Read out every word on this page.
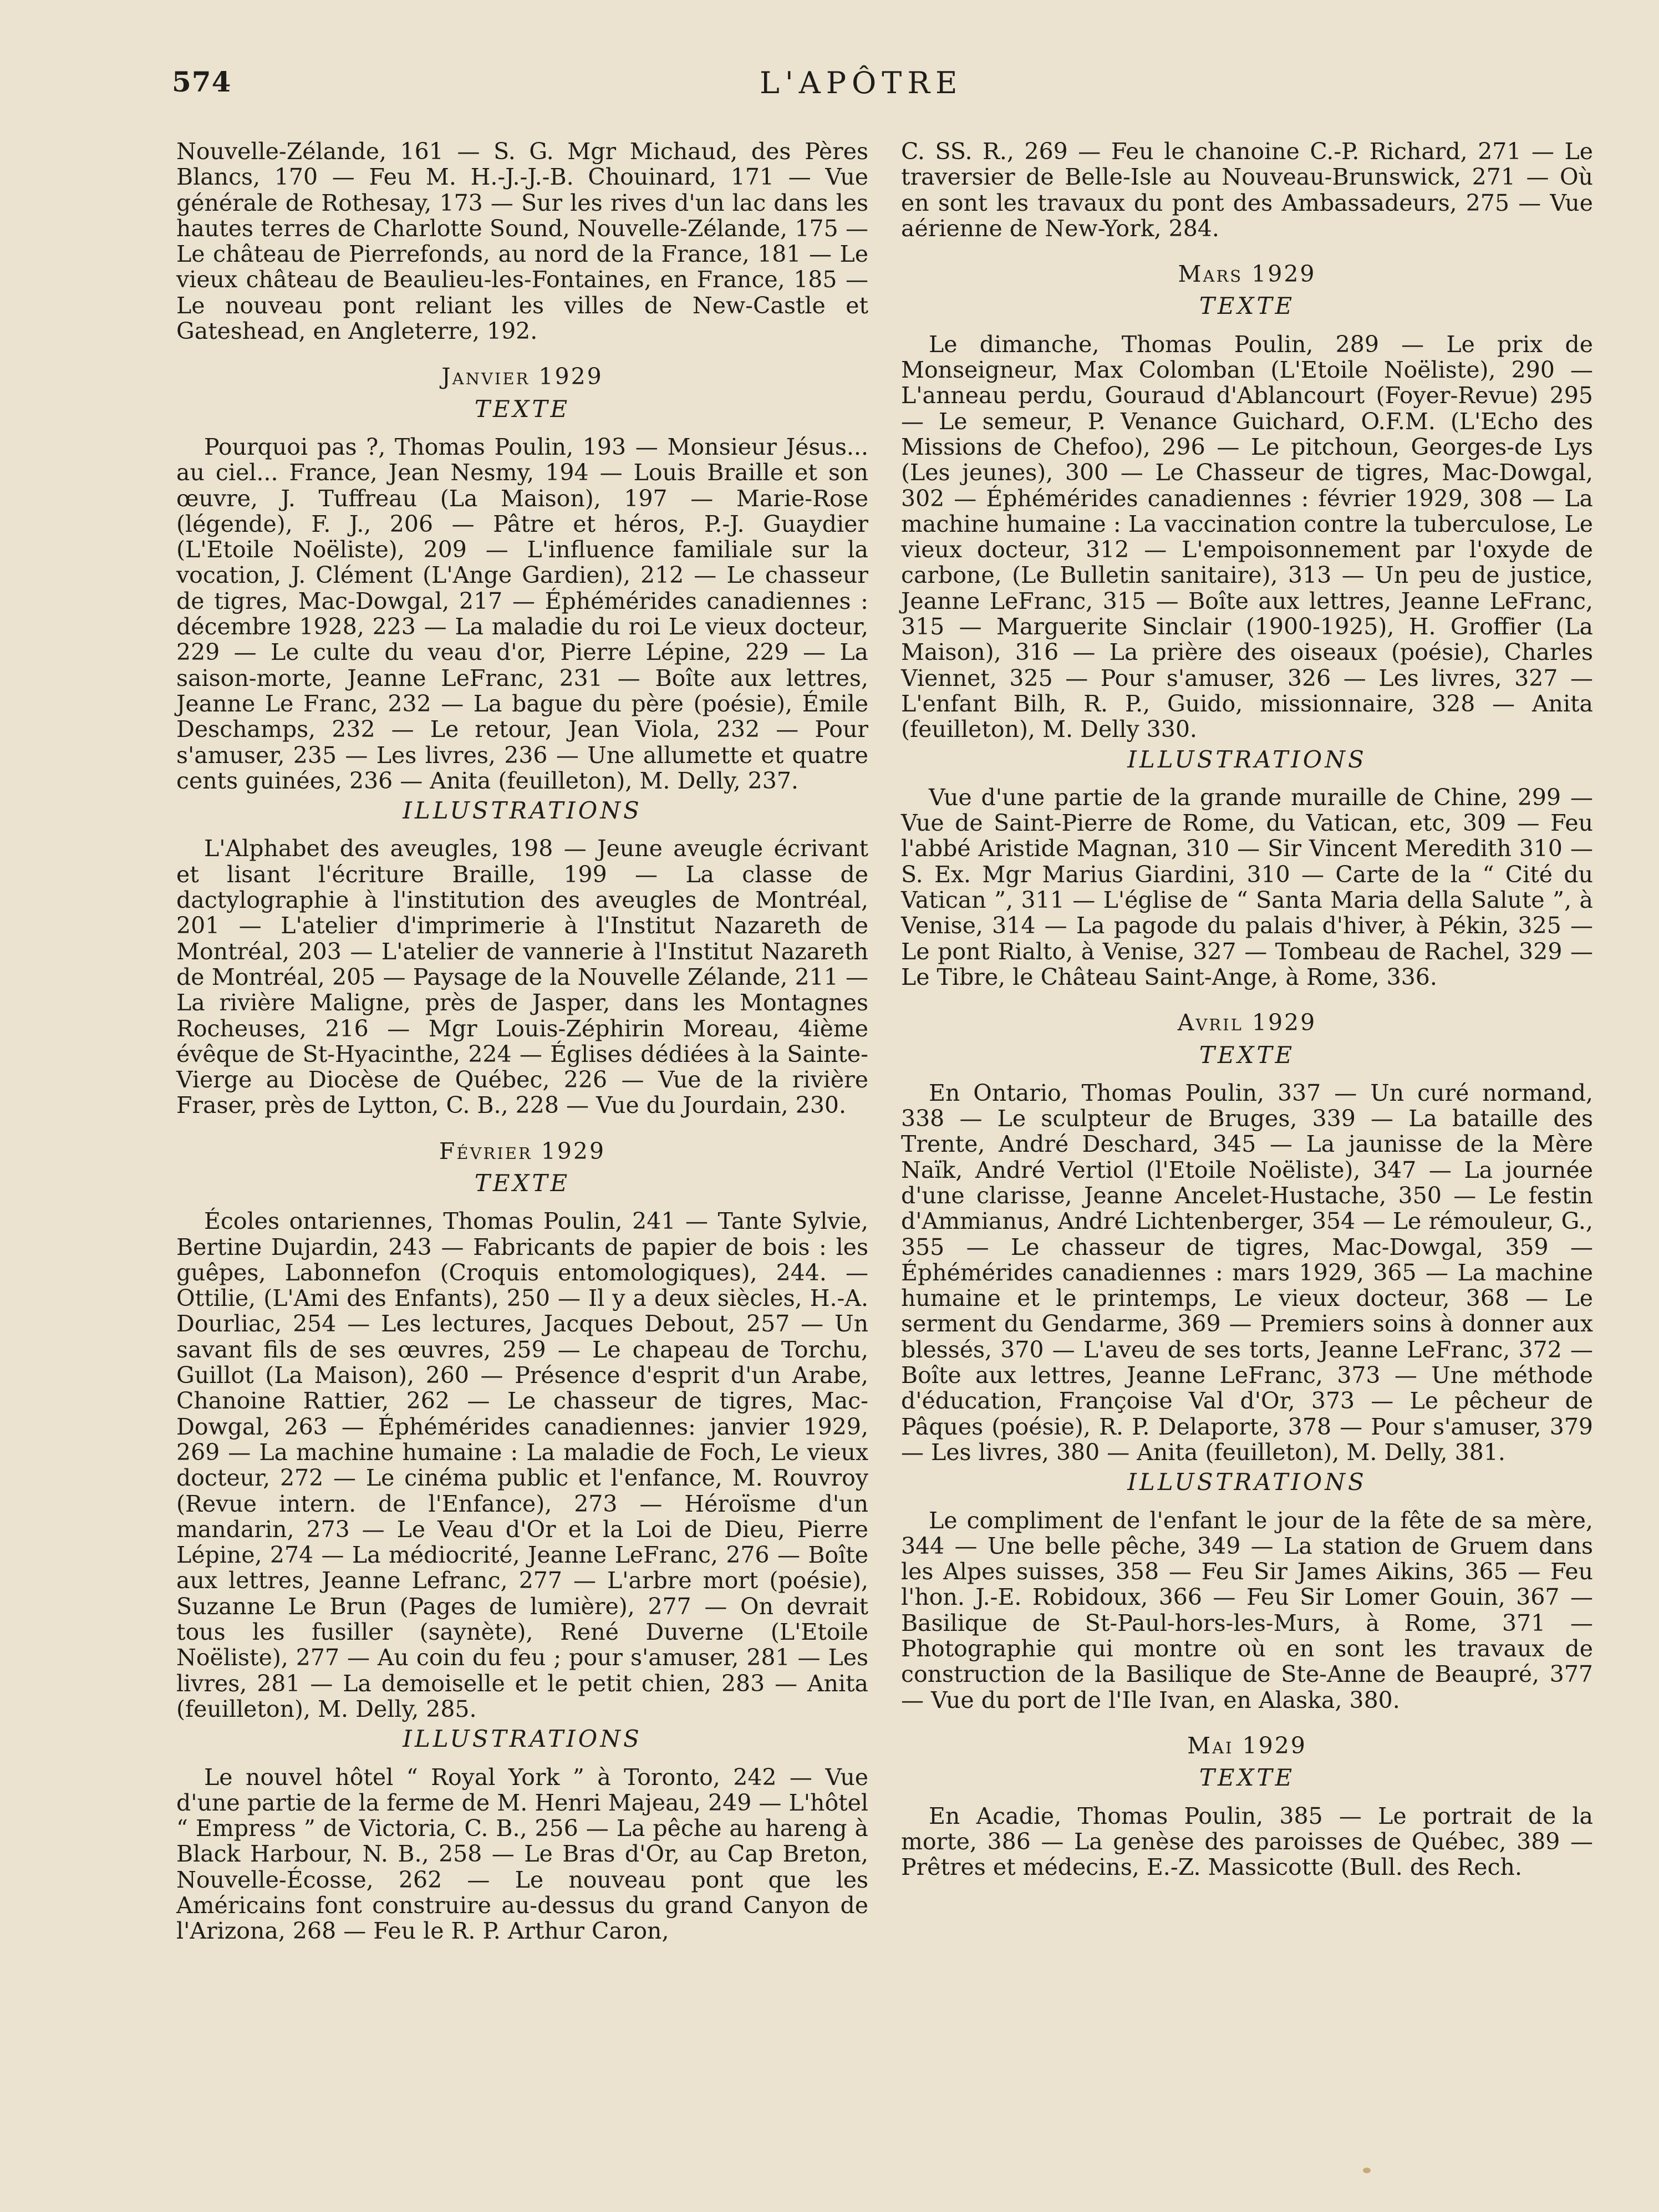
574	L'APÔTRE

Nouvelle-Zélande, 161 — S. G. Mgr Michaud, des Pères Blancs, 170 — Feu M. H.-J.-J.-B. Chouinard, 171 — Vue générale de Rothesay, 173 — Sur les rives d'un lac dans les hautes terres de Charlotte Sound, Nouvelle-Zélande, 175 — Le château de Pierrefonds, au nord de la France, 181 — Le vieux château de Beaulieu-les-Fontaines, en France, 185 — Le nouveau pont reliant les villes de New-Castle et Gateshead, en Angleterre, 192.

Janvier 1929
TEXTE

Pourquoi pas ?, Thomas Poulin, 193 — Monsieur Jésus... au ciel... France, Jean Nesmy, 194 — Louis Braille et son œuvre, J. Tuffreau (La Maison), 197 — Marie-Rose (légende), F. J., 206 — Pâtre et héros, P.-J. Guaydier (L'Etoile Noëliste), 209 — L'influence familiale sur la vocation, J. Clément (L'Ange Gardien), 212 — Le chasseur de tigres, Mac-Dowgal, 217 — Éphémérides canadiennes : décembre 1928, 223 — La maladie du roi Le vieux docteur, 229 — Le culte du veau d'or, Pierre Lépine, 229 — La saison-morte, Jeanne LeFranc, 231 — Boîte aux lettres, Jeanne Le Franc, 232 — La bague du père (poésie), Émile Deschamps, 232 — Le retour, Jean Viola, 232 — Pour s'amuser, 235 — Les livres, 236 — Une allumette et quatre cents guinées, 236 — Anita (feuilleton), M. Delly, 237.

ILLUSTRATIONS

L'Alphabet des aveugles, 198 — Jeune aveugle écrivant et lisant l'écriture Braille, 199 — La classe de dactylographie à l'institution des aveugles de Montréal, 201 — L'atelier d'imprimerie à l'Institut Nazareth de Montréal, 203 — L'atelier de vannerie à l'Institut Nazareth de Montréal, 205 — Paysage de la Nouvelle Zélande, 211 — La rivière Maligne, près de Jasper, dans les Montagnes Rocheuses, 216 — Mgr Louis-Zéphirin Moreau, 4ième évêque de St-Hyacinthe, 224 — Églises dédiées à la Sainte-Vierge au Diocèse de Québec, 226 — Vue de la rivière Fraser, près de Lytton, C. B., 228 — Vue du Jourdain, 230.

Février 1929
TEXTE

Écoles ontariennes, Thomas Poulin, 241 — Tante Sylvie, Bertine Dujardin, 243 — Fabricants de papier de bois : les guêpes, Labonnefon (Croquis entomologiques), 244. — Ottilie, (L'Ami des Enfants), 250 — Il y a deux siècles, H.-A. Dourliac, 254 — Les lectures, Jacques Debout, 257 — Un savant fils de ses œuvres, 259 — Le chapeau de Torchu, Guillot (La Maison), 260 — Présence d'esprit d'un Arabe, Chanoine Rattier, 262 — Le chasseur de tigres, Mac-Dowgal, 263 — Éphémérides canadiennes: janvier 1929, 269 — La machine humaine : La maladie de Foch, Le vieux docteur, 272 — Le cinéma public et l'enfance, M. Rouvroy (Revue intern. de l'Enfance), 273 — Héroïsme d'un mandarin, 273 — Le Veau d'Or et la Loi de Dieu, Pierre Lépine, 274 — La médiocrité, Jeanne LeFranc, 276 — Boîte aux lettres, Jeanne Lefranc, 277 — L'arbre mort (poésie), Suzanne Le Brun (Pages de lumière), 277 — On devrait tous les fusiller (saynète), René Duverne (L'Etoile Noëliste), 277 — Au coin du feu ; pour s'amuser, 281 — Les livres, 281 — La demoiselle et le petit chien, 283 — Anita (feuilleton), M. Delly, 285.

ILLUSTRATIONS

Le nouvel hôtel “ Royal York ” à Toronto, 242 — Vue d'une partie de la ferme de M. Henri Majeau, 249 — L'hôtel “ Empress ” de Victoria, C. B., 256 — La pêche au hareng à Black Harbour, N. B., 258 — Le Bras d'Or, au Cap Breton, Nouvelle-Écosse, 262 — Le nouveau pont que les Américains font construire au-dessus du grand Canyon de l'Arizona, 268 — Feu le R. P. Arthur Caron,

C. SS. R., 269 — Feu le chanoine C.-P. Richard, 271 — Le traversier de Belle-Isle au Nouveau-Brunswick, 271 — Où en sont les travaux du pont des Ambassadeurs, 275 — Vue aérienne de New-York, 284.

Mars 1929
TEXTE

Le dimanche, Thomas Poulin, 289 — Le prix de Monseigneur, Max Colomban (L'Etoile Noëliste), 290 — L'anneau perdu, Gouraud d'Ablancourt (Foyer-Revue) 295 — Le semeur, P. Venance Guichard, O.F.M. (L'Echo des Missions de Chefoo), 296 — Le pitchoun, Georges-de Lys (Les jeunes), 300 — Le Chasseur de tigres, Mac-Dowgal, 302 — Éphémérides canadiennes : février 1929, 308 — La machine humaine : La vaccination contre la tuberculose, Le vieux docteur, 312 — L'empoisonnement par l'oxyde de carbone, (Le Bulletin sanitaire), 313 — Un peu de justice, Jeanne LeFranc, 315 — Boîte aux lettres, Jeanne LeFranc, 315 — Marguerite Sinclair (1900-1925), H. Groffier (La Maison), 316 — La prière des oiseaux (poésie), Charles Viennet, 325 — Pour s'amuser, 326 — Les livres, 327 — L'enfant Bilh, R. P., Guido, missionnaire, 328 — Anita (feuilleton), M. Delly 330.

ILLUSTRATIONS

Vue d'une partie de la grande muraille de Chine, 299 — Vue de Saint-Pierre de Rome, du Vatican, etc, 309 — Feu l'abbé Aristide Magnan, 310 — Sir Vincent Meredith 310 — S. Ex. Mgr Marius Giardini, 310 — Carte de la “ Cité du Vatican ”, 311 — L'église de “ Santa Maria della Salute ”, à Venise, 314 — La pagode du palais d'hiver, à Pékin, 325 — Le pont Rialto, à Venise, 327 — Tombeau de Rachel, 329 — Le Tibre, le Château Saint-Ange, à Rome, 336.

Avril 1929
TEXTE

En Ontario, Thomas Poulin, 337 — Un curé normand, 338 — Le sculpteur de Bruges, 339 — La bataille des Trente, André Deschard, 345 — La jaunisse de la Mère Naïk, André Vertiol (l'Etoile Noëliste), 347 — La journée d'une clarisse, Jeanne Ancelet-Hustache, 350 — Le festin d'Ammianus, André Lichtenberger, 354 — Le rémouleur, G., 355 — Le chasseur de tigres, Mac-Dowgal, 359 — Éphémérides canadiennes : mars 1929, 365 — La machine humaine et le printemps, Le vieux docteur, 368 — Le serment du Gendarme, 369 — Premiers soins à donner aux blessés, 370 — L'aveu de ses torts, Jeanne LeFranc, 372 — Boîte aux lettres, Jeanne LeFranc, 373 — Une méthode d'éducation, Françoise Val d'Or, 373 — Le pêcheur de Pâques (poésie), R. P. Delaporte, 378 — Pour s'amuser, 379 — Les livres, 380 — Anita (feuilleton), M. Delly, 381.

ILLUSTRATIONS

Le compliment de l'enfant le jour de la fête de sa mère, 344 — Une belle pêche, 349 — La station de Gruem dans les Alpes suisses, 358 — Feu Sir James Aikins, 365 — Feu l'hon. J.-E. Robidoux, 366 — Feu Sir Lomer Gouin, 367 — Basilique de St-Paul-hors-les-Murs, à Rome, 371 — Photographie qui montre où en sont les travaux de construction de la Basilique de Ste-Anne de Beaupré, 377 — Vue du port de l'Ile Ivan, en Alaska, 380.

Mai 1929
TEXTE

En Acadie, Thomas Poulin, 385 — Le portrait de la morte, 386 — La genèse des paroisses de Québec, 389 — Prêtres et médecins, E.-Z. Massicotte (Bull. des Rech.
